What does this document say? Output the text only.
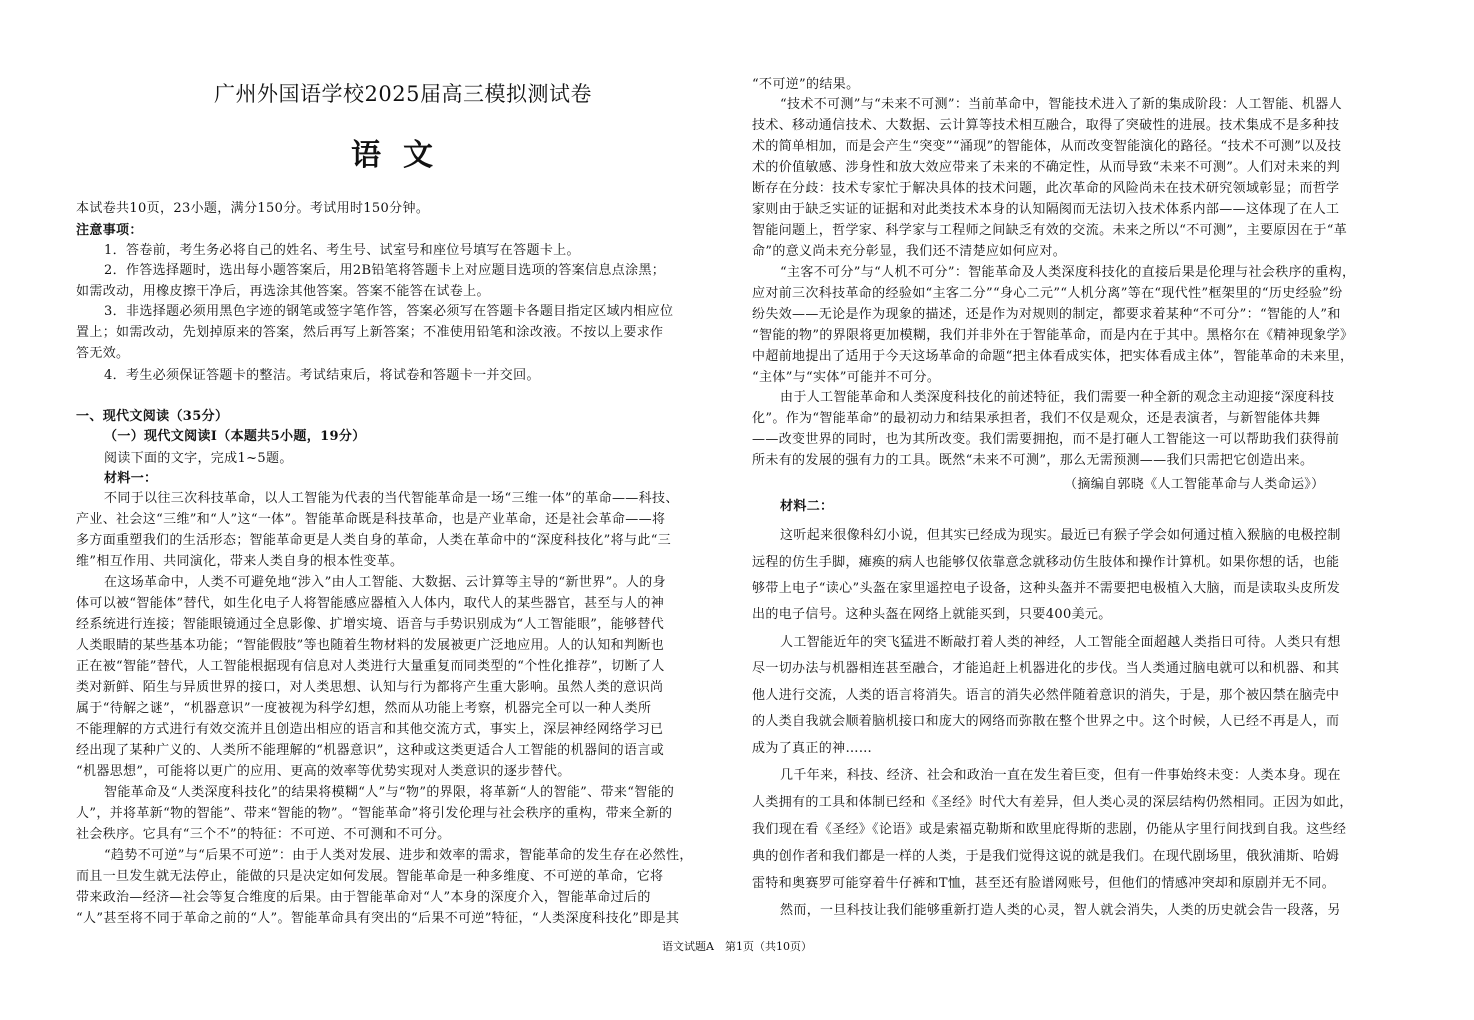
广州外国语学校2025届高三模拟测试卷
语文
本试卷共10页，23小题，满分150分。考试用时150分钟。
注意事项：
1．答卷前，考生务必将自己的姓名、考生号、试室号和座位号填写在答题卡上。
2．作答选择题时，选出每小题答案后，用2B铅笔将答题卡上对应题目选项的答案信息点涂黑；
如需改动，用橡皮擦干净后，再选涂其他答案。答案不能答在试卷上。
3．非选择题必须用黑色字迹的钢笔或签字笔作答，答案必须写在答题卡各题目指定区域内相应位
置上；如需改动，先划掉原来的答案，然后再写上新答案；不准使用铅笔和涂改液。不按以上要求作
答无效。
4．考生必须保证答题卡的整洁。考试结束后，将试卷和答题卡一并交回。
一、现代文阅读（35分）
（一）现代文阅读Ⅰ（本题共5小题，19分）
阅读下面的文字，完成1~5题。
材料一：
不同于以往三次科技革命，以人工智能为代表的当代智能革命是一场“三维一体”的革命——科技、
产业、社会这“三维”和“人”这“一体”。智能革命既是科技革命，也是产业革命，还是社会革命——将
多方面重塑我们的生活形态；智能革命更是人类自身的革命，人类在革命中的“深度科技化”将与此“三
维”相互作用、共同演化，带来人类自身的根本性变革。
在这场革命中，人类不可避免地“涉入”由人工智能、大数据、云计算等主导的“新世界”。人的身
体可以被“智能体”替代，如生化电子人将智能感应器植入人体内，取代人的某些器官，甚至与人的神
经系统进行连接；智能眼镜通过全息影像、扩增实境、语音与手势识别成为“人工智能眼”，能够替代
人类眼睛的某些基本功能；“智能假肢”等也随着生物材料的发展被更广泛地应用。人的认知和判断也
正在被“智能”替代，人工智能根据现有信息对人类进行大量重复而同类型的“个性化推荐”，切断了人
类对新鲜、陌生与异质世界的接口，对人类思想、认知与行为都将产生重大影响。虽然人类的意识尚
属于“待解之谜”，“机器意识”一度被视为科学幻想，然而从功能上考察，机器完全可以一种人类所
不能理解的方式进行有效交流并且创造出相应的语言和其他交流方式，事实上，深层神经网络学习已
经出现了某种广义的、人类所不能理解的“机器意识”，这种或这类更适合人工智能的机器间的语言或
“机器思想”，可能将以更广的应用、更高的效率等优势实现对人类意识的逐步替代。
智能革命及“人类深度科技化”的结果将模糊“人”与“物”的界限，将革新“人的智能”、带来“智能的
人”，并将革新“物的智能”、带来“智能的物”。“智能革命”将引发伦理与社会秩序的重构，带来全新的
社会秩序。它具有“三个不”的特征：不可逆、不可测和不可分。
“趋势不可逆”与“后果不可逆”：由于人类对发展、进步和效率的需求，智能革命的发生存在必然性，
而且一旦发生就无法停止，能做的只是决定如何发展。智能革命是一种多维度、不可逆的革命，它将
带来政治—经济—社会等复合维度的后果。由于智能革命对“人”本身的深度介入，智能革命过后的
“人”甚至将不同于革命之前的“人”。智能革命具有突出的“后果不可逆”特征，“人类深度科技化”即是其
“不可逆”的结果。
“技术不可测”与“未来不可测”：当前革命中，智能技术进入了新的集成阶段：人工智能、机器人
技术、移动通信技术、大数据、云计算等技术相互融合，取得了突破性的进展。技术集成不是多种技
术的简单相加，而是会产生“突变”“涌现”的智能体，从而改变智能演化的路径。“技术不可测”以及技
术的价值敏感、涉身性和放大效应带来了未来的不确定性，从而导致“未来不可测”。人们对未来的判
断存在分歧：技术专家忙于解决具体的技术问题，此次革命的风险尚未在技术研究领域彰显；而哲学
家则由于缺乏实证的证据和对此类技术本身的认知隔阂而无法切入技术体系内部——这体现了在人工
智能问题上，哲学家、科学家与工程师之间缺乏有效的交流。未来之所以“不可测”，主要原因在于“革
命”的意义尚未充分彰显，我们还不清楚应如何应对。
“主客不可分”与“人机不可分”：智能革命及人类深度科技化的直接后果是伦理与社会秩序的重构，
应对前三次科技革命的经验如“主客二分”“身心二元”“人机分离”等在“现代性”框架里的“历史经验”纷
纷失效——无论是作为现象的描述，还是作为对规则的制定，都要求着某种“不可分”：“智能的人”和
“智能的物”的界限将更加模糊，我们并非外在于智能革命，而是内在于其中。黑格尔在《精神现象学》
中超前地提出了适用于今天这场革命的命题“把主体看成实体，把实体看成主体”，智能革命的未来里，
“主体”与“实体”可能并不可分。
由于人工智能革命和人类深度科技化的前述特征，我们需要一种全新的观念主动迎接“深度科技
化”。作为“智能革命”的最初动力和结果承担者，我们不仅是观众，还是表演者，与新智能体共舞
——改变世界的同时，也为其所改变。我们需要拥抱，而不是打砸人工智能这一可以帮助我们获得前
所未有的发展的强有力的工具。既然“未来不可测”，那么无需预测——我们只需把它创造出来。
（摘编自郭晓《人工智能革命与人类命运》）
材料二：
这听起来很像科幻小说，但其实已经成为现实。最近已有猴子学会如何通过植入猴脑的电极控制
远程的仿生手脚，瘫痪的病人也能够仅依靠意念就移动仿生肢体和操作计算机。如果你想的话，也能
够带上电子“读心”头盔在家里遥控电子设备，这种头盔并不需要把电极植入大脑，而是读取头皮所发
出的电子信号。这种头盔在网络上就能买到，只要400美元。
人工智能近年的突飞猛进不断敲打着人类的神经，人工智能全面超越人类指日可待。人类只有想
尽一切办法与机器相连甚至融合，才能追赶上机器进化的步伐。当人类通过脑电就可以和机器、和其
他人进行交流，人类的语言将消失。语言的消失必然伴随着意识的消失，于是，那个被囚禁在脑壳中
的人类自我就会顺着脑机接口和庞大的网络而弥散在整个世界之中。这个时候，人已经不再是人，而
成为了真正的神……
几千年来，科技、经济、社会和政治一直在发生着巨变，但有一件事始终未变：人类本身。现在
人类拥有的工具和体制已经和《圣经》时代大有差异，但人类心灵的深层结构仍然相同。正因为如此，
我们现在看《圣经》《论语》或是索福克勒斯和欧里庇得斯的悲剧，仍能从字里行间找到自我。这些经
典的创作者和我们都是一样的人类，于是我们觉得这说的就是我们。在现代剧场里，俄狄浦斯、哈姆
雷特和奥赛罗可能穿着牛仔裤和T恤，甚至还有脸谱网账号，但他们的情感冲突却和原剧并无不同。
然而，一旦科技让我们能够重新打造人类的心灵，智人就会消失，人类的历史就会告一段落，另
语文试题A　第1页（共10页）
